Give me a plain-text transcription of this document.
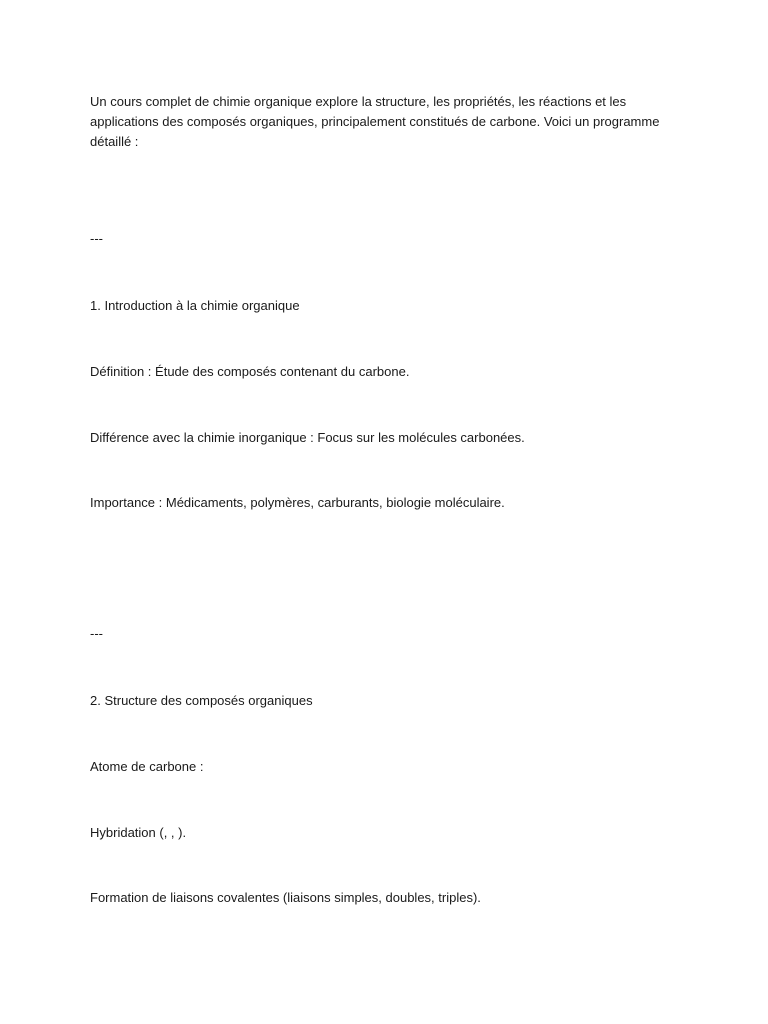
Un cours complet de chimie organique explore la structure, les propriétés, les réactions et les applications des composés organiques, principalement constitués de carbone. Voici un programme détaillé :

---

1. Introduction à la chimie organique

Définition : Étude des composés contenant du carbone.

Différence avec la chimie inorganique : Focus sur les molécules carbonées.

Importance : Médicaments, polymères, carburants, biologie moléculaire.

---

2. Structure des composés organiques

Atome de carbone :

Hybridation (, , ).

Formation de liaisons covalentes (liaisons simples, doubles, triples).
